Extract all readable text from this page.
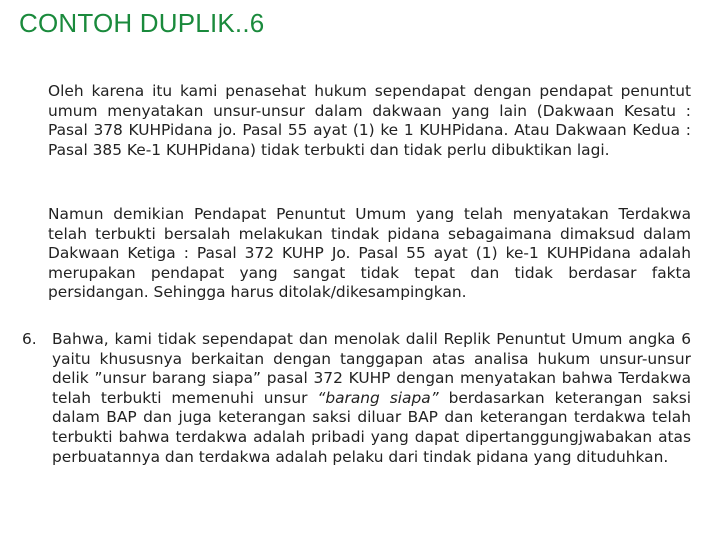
CONTOH DUPLIK..6
Oleh karena itu kami penasehat hukum sependapat dengan pendapat penuntut umum menyatakan unsur-unsur dalam dakwaan yang lain (Dakwaan Kesatu : Pasal 378 KUHPidana jo. Pasal 55 ayat (1) ke 1 KUHPidana. Atau Dakwaan Kedua : Pasal 385 Ke-1 KUHPidana) tidak terbukti dan tidak perlu dibuktikan lagi.
Namun demikian Pendapat Penuntut Umum yang telah menyatakan Terdakwa telah terbukti bersalah melakukan tindak pidana sebagaimana dimaksud dalam Dakwaan Ketiga : Pasal 372 KUHP Jo. Pasal 55 ayat (1) ke-1 KUHPidana adalah merupakan pendapat yang sangat tidak tepat dan tidak berdasar fakta persidangan. Sehingga harus ditolak/dikesampingkan.
6. Bahwa, kami tidak sependapat dan menolak dalil Replik Penuntut Umum angka 6 yaitu khususnya berkaitan dengan tanggapan atas analisa hukum unsur-unsur delik ”unsur barang siapa” pasal 372 KUHP dengan menyatakan bahwa Terdakwa telah terbukti memenuhi unsur “barang siapa” berdasarkan keterangan saksi dalam BAP dan juga keterangan saksi diluar BAP dan keterangan terdakwa telah terbukti bahwa terdakwa adalah pribadi yang dapat dipertanggungjwabakan atas perbuatannya dan terdakwa adalah pelaku dari tindak pidana yang dituduhkan.
